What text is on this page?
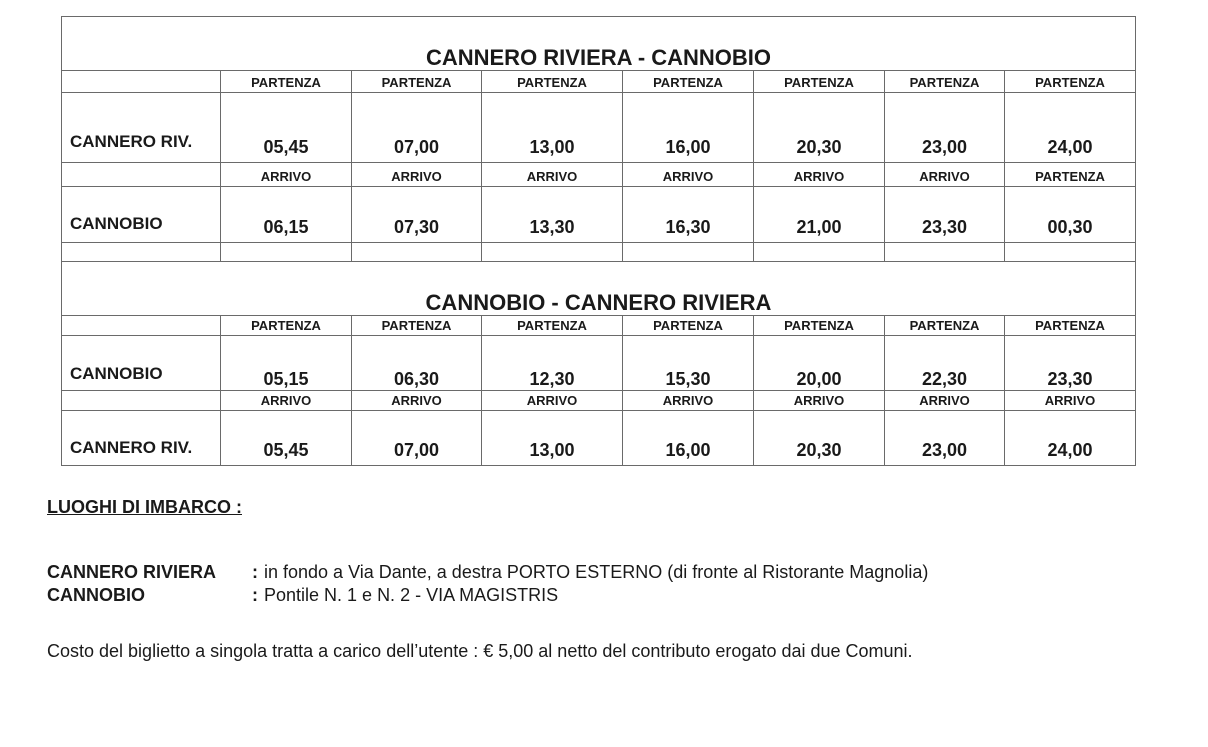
CANNERO RIVIERA - CANNOBIO							
	PARTENZA	PARTENZA	PARTENZA	PARTENZA	PARTENZA	PARTENZA	PARTENZA
CANNERO RIV.	05,45	07,00	13,00	16,00	20,30	23,00	24,00
	ARRIVO	ARRIVO	ARRIVO	ARRIVO	ARRIVO	ARRIVO	PARTENZA
CANNOBIO	06,15	07,30	13,30	16,30	21,00	23,30	00,30

CANNOBIO - CANNERO RIVIERA							
	PARTENZA	PARTENZA	PARTENZA	PARTENZA	PARTENZA	PARTENZA	PARTENZA
CANNOBIO	05,15	06,30	12,30	15,30	20,00	22,30	23,30
	ARRIVO	ARRIVO	ARRIVO	ARRIVO	ARRIVO	ARRIVO	ARRIVO
CANNERO RIV.	05,45	07,00	13,00	16,00	20,30	23,00	24,00
LUOGHI DI IMBARCO :
CANNERO RIVIERA	: in fondo a Via Dante, a destra PORTO ESTERNO (di fronte al Ristorante Magnolia)
CANNOBIO	: Pontile N. 1 e N. 2 - VIA MAGISTRIS
Costo del biglietto a singola tratta a carico dell’utente : € 5,00 al netto del contributo erogato dai due Comuni.
